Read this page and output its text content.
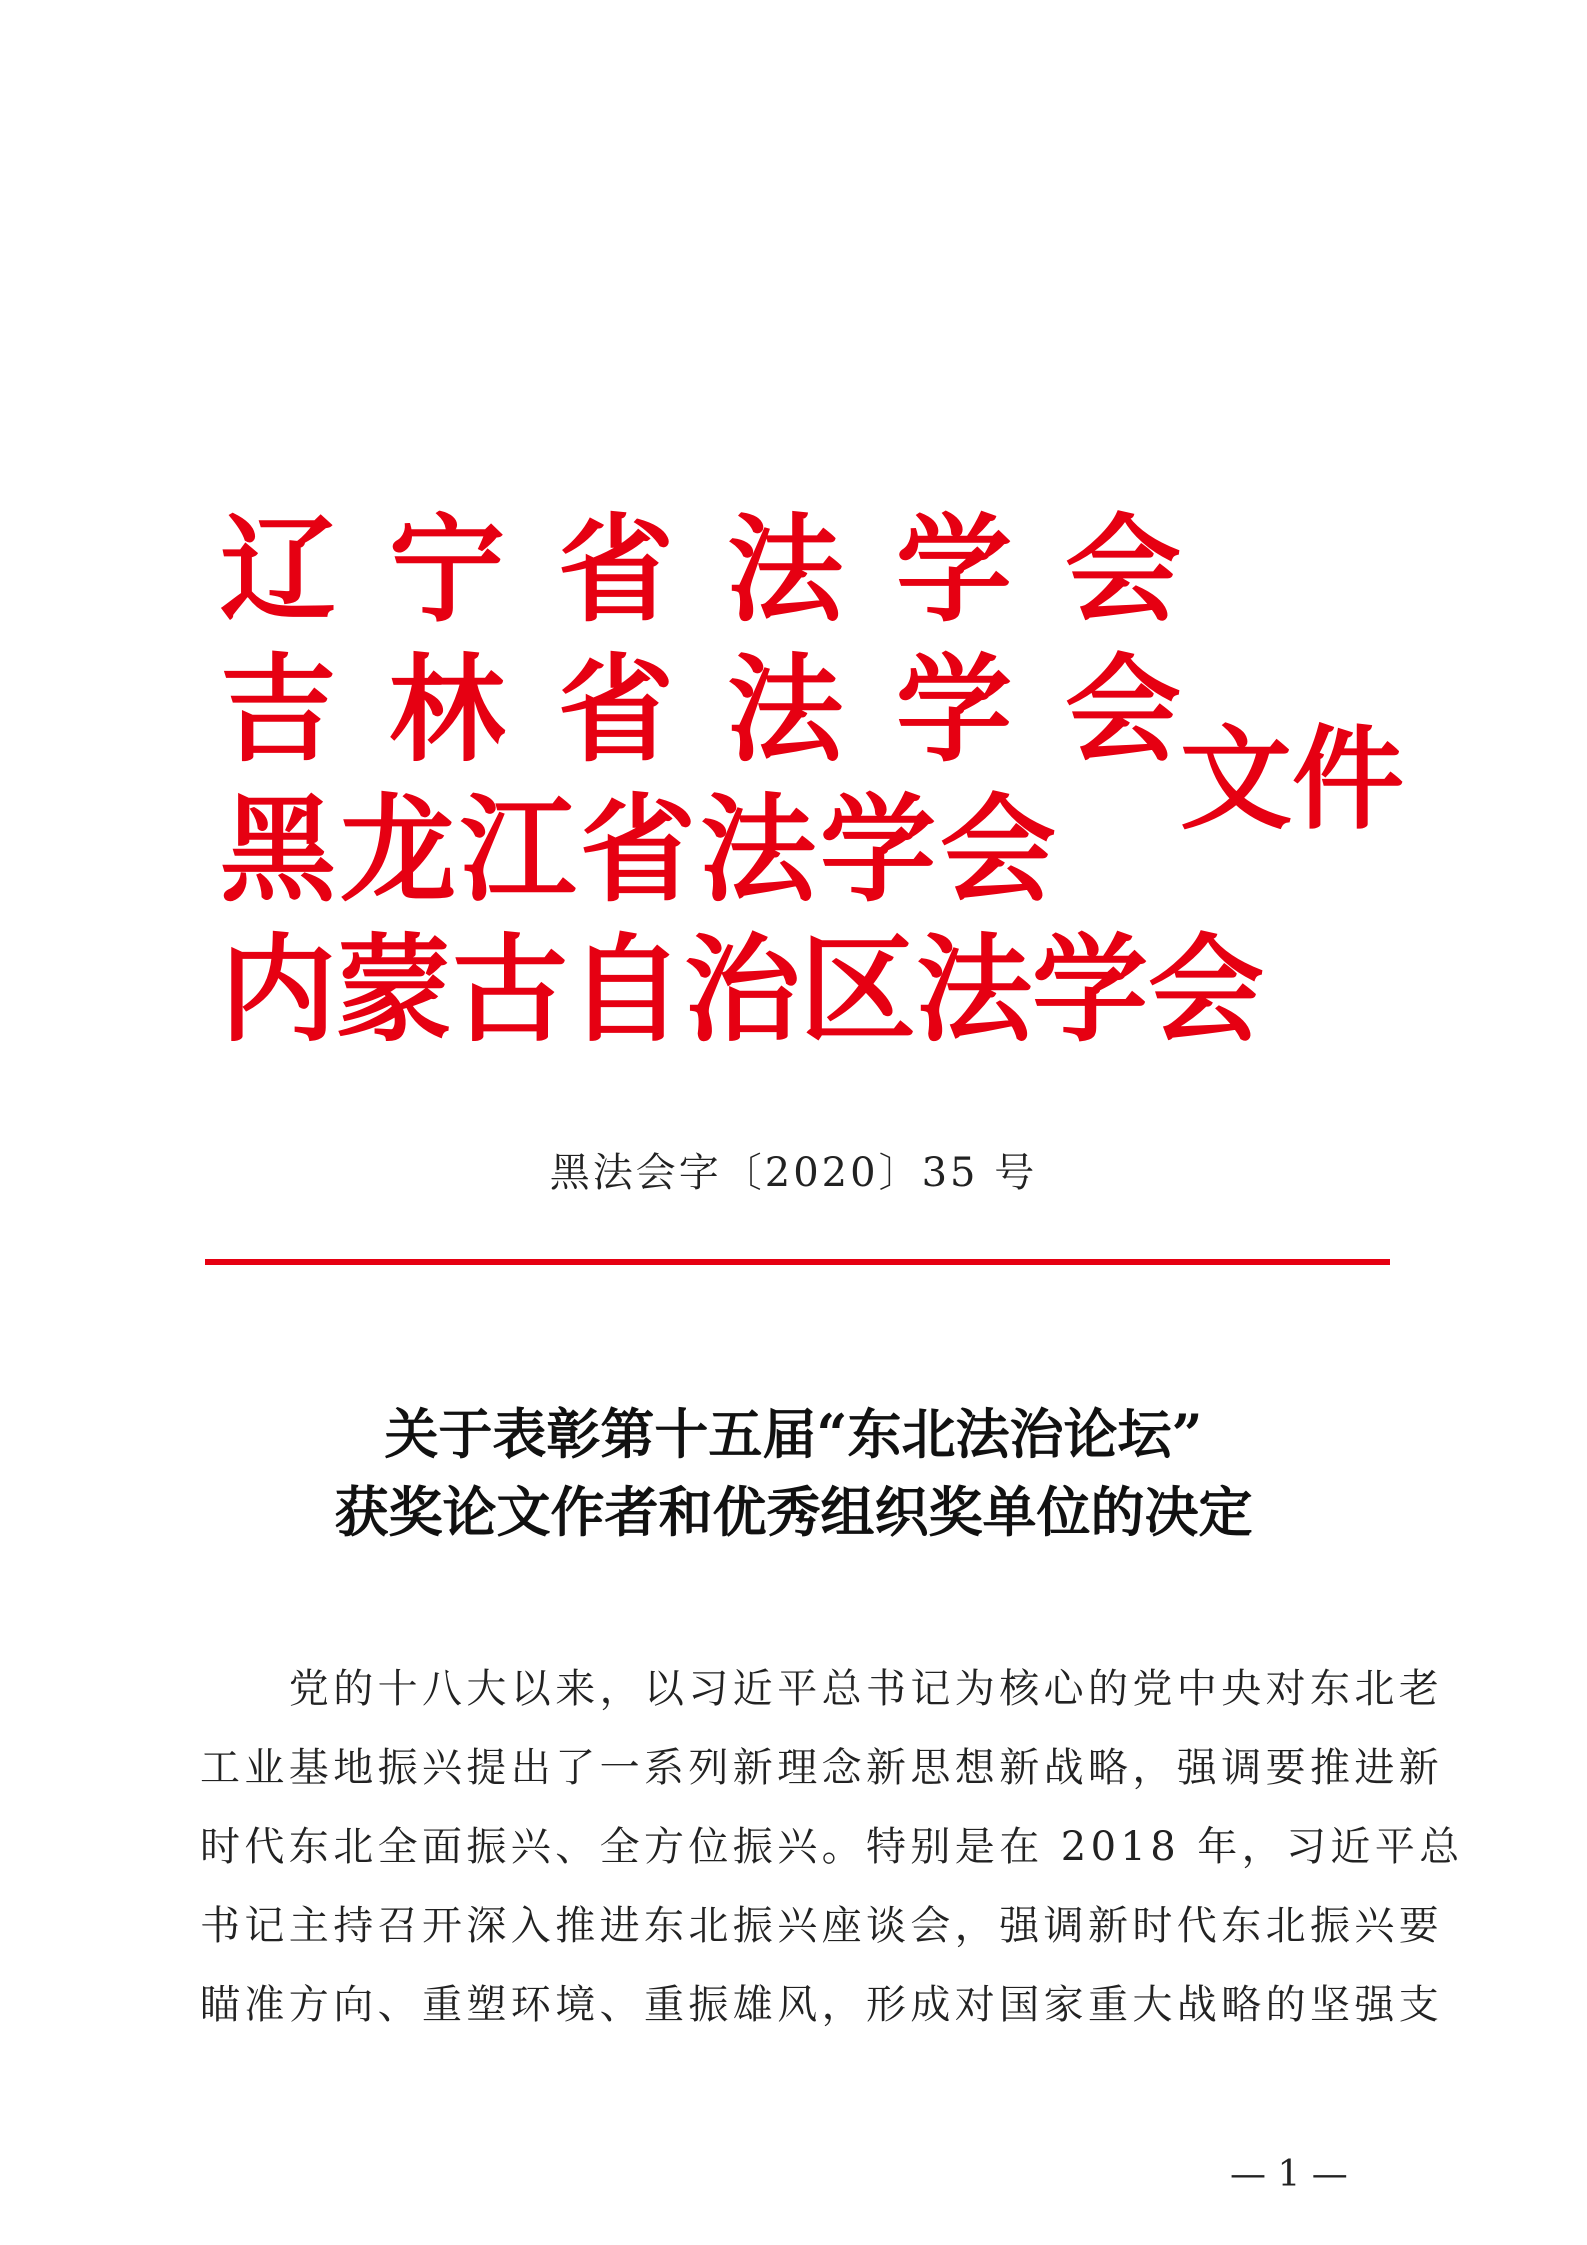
辽宁省法学会
吉林省法学会
黑龙江省法学会
内蒙古自治区法学会
文件
黑法会字〔2020〕35 号
关于表彰第十五届“东北法治论坛”
获奖论文作者和优秀组织奖单位的决定
　　党的十八大以来，以习近平总书记为核心的党中央对东北老
工业基地振兴提出了一系列新理念新思想新战略，强调要推进新
时代东北全面振兴、全方位振兴。特别是在 2018 年，习近平总
书记主持召开深入推进东北振兴座谈会，强调新时代东北振兴要
瞄准方向、重塑环境、重振雄风，形成对国家重大战略的坚强支
— 1 —
